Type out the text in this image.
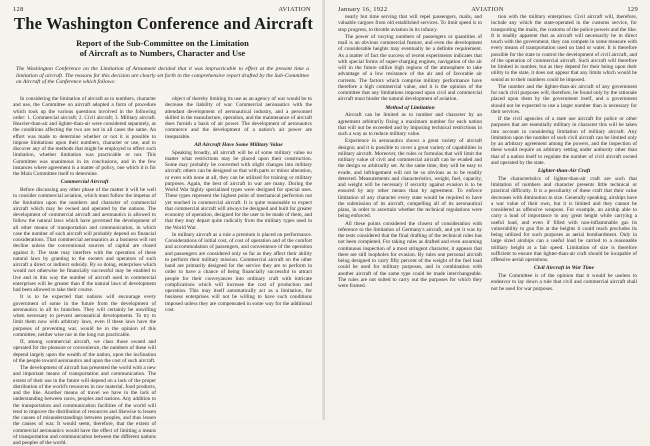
128	AVIATION
The Washington Conference and Aircraft
Report of the Sub-Committee on the Limitation
of Aircraft as to Numbers, Character and Use
The Washington Conference on the Limitation of Armament decided that it was impracticable to effect at the present time a limitation of aircraft. The reasons for this decision are clearly set forth in the comprehensive report drafted by the Sub-Committee on Aircraft of the Conference which follows:

In considering the limitation of aircraft as to numbers, character and use, the Committee on aircraft adopted a form of procedure which took up the various questions involved in the following order: 1. Commercial aircraft; 2. Civil aircraft; 3. Military aircraft. Heavier-than-air and lighter-than-air were considered separately, as the conditions affecting the two are not in all cases the same. An effort was made to determine whether or not it is possible to impose limitations upon their numbers, character or use, and to discover any of the methods that might be employed to effect such limitation, whether limitation was practicable or not. This Committee was unanimous in its conclusions, and in the few instances where agreement is a matter of policy, one which it is for the Main Committee itself to determine.

Commercial Aircraft

Before discussing any other phase of the matter it will be well to consider commercial aviation, which must follow the impetus of the limitation upon the numbers and character of commercial aircraft which may be owned and operated by the nations. The development of commercial aircraft and aeronautics is allowed to follow the natural laws which have governed the development of all other means of transportation and communication, in which case the number of such aircraft will probably depend on financial considerations. That commercial aeronautics as a business will not decline unless the conventional sources of capital are closed against it. The state may interfere with the operation of these natural laws by granting to the owners and operators of such aircraft a direct or indirect subsidy. By so doing, enterprises which would not otherwise be financially successful may be enabled to live and in this way the number of aircraft used in commercial enterprises will be greater than if the natural laws of development had been allowed to take their course.

It is to be expected that nations will encourage every government of some in the future from the development of aeronautics in all its branches. They will certainly be unwilling when necessary to prevent aeronautical developments. To try to limit them now with arbitrary laws, even if these laws have the purposes of preventing war, would be in the opinion of this committee, neither wise nor in the long run practicable.

If, among commercial aircraft, we class those owned and operated for the pleasure or convenience, the numbers of these will depend largely upon the wealth of the nation, upon the inclination of the people toward aeronautics and upon the cost of such aircraft.

The development of aircraft has presented the world with a new and important means of transportation and communication. The extent of their use in the future will depend on a lack of the proper distribution of the world's resources in raw material, food products, and the like. Another means of travel we have in the lack of understanding between races, peoples and nations. Any addition to the transportation and communication facilities of the world will tend to improve the distribution of resources and likewise to lessen the causes of misunderstandings between peoples, and thus lessen the causes of war. It would seem, therefore, that the extent of commercial aeronautics would have the effect of limiting a means of transportation and communication between the different nations and peoples of the world.

object of thereby limiting its use as an agency of war would be to decrease the liability of war. Commercial aeronautics with the attendant development of aeronautical industry, and a personnel skilled in the manufacture, operation, and the maintenance of aircraft does furnish a basis of air power. The development of aeronautics commerce and the development of a nation's air power are inseparable.

All Aircraft Have Some Military Value

Speaking broadly, all aircraft will be of some military value no matter what restrictions may be placed upon their construction. Some may probably be converted with slight changes into military aircraft; others can be designed so that with parts or minor alteration, or even with none at all, they can be utilized for training or military purposes. Again, the best of aircraft in war are many. During the World War highly specialized types were designed for special uses. These types represent the highest point of mechanical perfection not yet reached in commercial aircraft. It is quite reasonable to expect that commercial aircraft will always be designed and built for greater economy of operation, designed for the user to be made of them, and that they may depart quite radically from the military types used in the World War.

In military aircraft as a rule a premium is placed on performance. Considerations of initial cost, of cost of operation and of the comfort and accommodation of passengers, and convenience of the operation and passengers are considered only so far as they affect their ability to perform their military mission. Commercial aircraft on the other hand are primarily designed for the service they are to perform in order to have a chance of being financially successful to attract people for their conveyances into ordinary craft with intricate complications which will increase the cost of production and operation. This may itself automatically act as a limitation, for business enterprises will not be willing to have such conditions imposed unless they are compensated in some way for the additional cost.

January 16, 1922	AVIATION	129

nearly but time serving that will repel passengers, mails, and valuable cargoes from old established services. To limit speed is to stop progress, to throttle aviation in its infancy.

The power of varying numbers of passengers or quantities of mail is an obvious commercial feature, and even the development of considerable heights may eventually be a definite requirement. As a matter of fact the success of recent experiments indicates that with special forms of super-charging engines, navigation of the air will in the future utilize high regions of the atmosphere to take advantage of a low resistance of the air and of favorable air currents. The factors which comprise military performance have therefore a high commercial value, and it is the opinion of the committee that any limitations imposed upon civil and commercial aircraft must hinder the natural development of aviation.

Method of Limitation

Aircraft can be limited as to number and character by an agreement arbitrarily fixing a maximum number for each nation that will not be exceeded and by imposing technical restrictions in such a way as to reduce military value.

Experience in aeronautics shows a great variety of aircraft designs; and it is possible to cover a great variety of capabilities in military aircraft. Moreover, the rules or formulas that will limit the military value of civil and commercial aircraft can be evaded and the design so arbitrarily set. At the same time, they will be easy to evade, and infringement will not be so obvious as to be readily detected. Measurements and characteristics, weight, fuel, capacity, and weight will be necessary if security against evasion is to be ensured by any other means than by agreement. To enforce limitation of any character every state would be required to have the submission of its aircraft, compelling all of its aeronautical plans, in order to ascertain whether the technical regulations were being enforced.

All these points considered the closest of consideration with reference to the limitation of Germany's aircraft, and yet it was by the tests considered that the final drafting of the technical rules has not been completed. For taking rules as drafted and even assuming continuous inspection of a most stringent character, it appears that there are still loopholes for evasion. By rules one personal aircraft being designed to carry fifty percent of the weight of the fuel load could be used for military purposes, and in combination with another aircraft of the same type could be made interchangeable. The rules are not suited to carry out the purposes for which they were framed.

tion with the military enterprises. Civil aircraft will, therefore, include any which the state-operated in the customs service, for transporting the mails, the customs of the police powers and the like. It is readily apparent that as aircraft will necessarily be in direct touch with the government, they can compete in some measure with every means of transportation used on land or water. It is therefore possible for the state to control the development of civil aircraft, and of the operation of commercial aircraft. Such aircraft will therefore be limited in number, but as they depend for their being upon their utility to the state, it does not appear that any limits which would be sound as to their numbers could be imposed.

The number and the lighter-than-air aircraft of any government for such civil purposes will, therefore, be found only by the rationale placed upon them by the government itself, and a government should not be expected to use a larger number than is necessary for their services.

If the civil agencies of a state use aircraft for police or other purposes that are essentially military in character this will be taken into account in considering limitation of military aircraft. Any limitation upon the number of such civil aircraft can be limited only by an arbitrary agreement among the powers, and the inspection of these would require an arbitrary setting under authority other than that of a nation itself to regulate the number of civil aircraft owned and operated by the state.

Lighter-than-Air Craft

The characteristics of lighter-than-air craft are such that limitation of numbers and character presents little technical or practical difficulty. It is a peculiarity of these craft that their value decreases with diminution in size. Generally speaking, airships have a war value of their own, but it is limited and they cannot be considered as offensive weapons. For example, an airship able to carry a load of importance to any great height while carrying a useful load, and even if filled with non-inflammable gas its vulnerability to gun fire at the heights it could reach precludes its being utilized for such purposes as aerial bombardment. Only in large sized airships can a useful load be carried to a reasonable military height at a fair speed. Limitation of size is therefore sufficient to ensure that lighter-than-air craft should be incapable of offensive aerial operations.

Civil Aircraft in War Time

The Committee is of the opinion that it would be useless to endeavor to lay down a rule that civil and commercial aircraft shall not be used for war purposes.
